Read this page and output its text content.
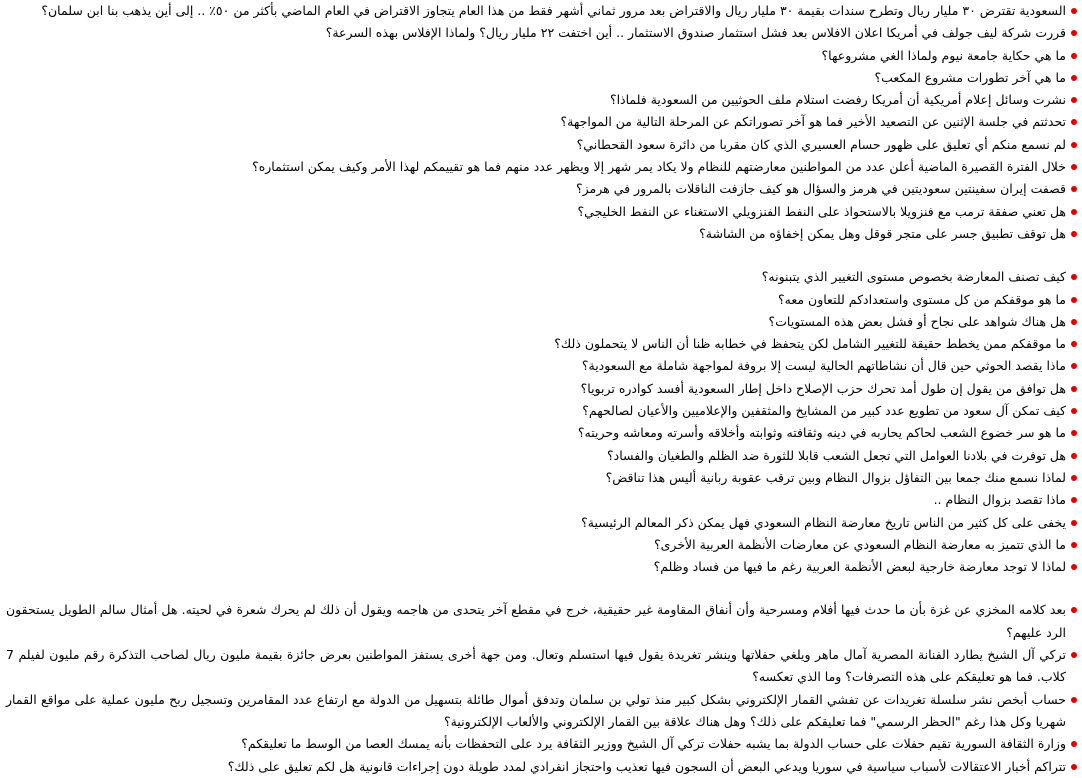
السعودية تقترض ٣٠ مليار ريال وتطرح سندات بقيمة ٣٠ مليار ريال والاقتراض بعد مرور ثماني أشهر فقط من هذا العام يتجاوز الاقتراض في العام الماضي بأكثر من ٥٠٪ .. إلى أين يذهب بنا ابن سلمان؟
قررت شركة ليف جولف في أمريكا اعلان الافلاس بعد فشل استثمار صندوق الاستثمار .. أين اختفت ٢٢ مليار ريال؟ ولماذا الإفلاس بهذه السرعة؟
ما هي حكاية جامعة نيوم ولماذا الغي مشروعها؟
ما هي آخر تطورات مشروع المكعب؟
نشرت وسائل إعلام أمريكية أن أمريكا رفضت استلام ملف الحوثيين من السعودية فلماذا؟
تحدثتم في جلسة الإثنين عن التصعيد الأخير فما هو آخر تصوراتكم عن المرحلة التالية من المواجهة؟
لم نسمع منكم أي تعليق على ظهور حسام العسيري الذي كان مقربا من دائرة سعود القحطاني؟
خلال الفترة القصيرة الماضية أعلن عدد من المواطنين معارضتهم للنظام ولا يكاد يمر شهر إلا ويظهر عدد منهم فما هو تقييمكم لهذا الأمر وكيف يمكن استثماره؟
قصفت إيران سفينتين سعوديتين في هرمز والسؤال هو كيف جازفت الناقلات بالمرور في هرمز؟
هل تعني صفقة ترمب مع فنزويلا بالاستحواذ على النفط الفنزويلي الاستغناء عن النفط الخليجي؟
هل توقف تطبيق جسر على متجر قوقل وهل يمكن إخفاؤه من الشاشة؟
كيف تصنف المعارضة بخصوص مستوى التغيير الذي يتبنونه؟
ما هو موقفكم من كل مستوى واستعدادكم للتعاون معه؟
هل هناك شواهد على نجاح أو فشل بعض هذه المستويات؟
ما موقفكم ممن يخطط حقيقة للتغيير الشامل لكن يتحفظ في خطابه ظنا أن الناس لا يتحملون ذلك؟
ماذا يقصد الحوثي حين قال أن نشاطاتهم الحالية ليست إلا بروفة لمواجهة شاملة مع السعودية؟
هل توافق من يقول إن طول أمد تحرك حزب الإصلاح داخل إطار السعودية أفسد كوادره تربويا؟
كيف تمكن آل سعود من تطويع عدد كبير من المشايخ والمثقفين والإعلاميين والأعيان لصالحهم؟
ما هو سر خضوع الشعب لحاكم يحاربه في دينه وثقافته وثوابته وأخلاقه وأسرته ومعاشه وحريته؟
هل توفرت في بلادنا العوامل التي تجعل الشعب قابلا للثورة ضد الظلم والطغيان والفساد؟
لماذا نسمع منك جمعا بين التفاؤل بزوال النظام وبين ترقب عقوبة ربانية أليس هذا تناقض؟
ماذا تقصد بزوال النظام ..
يخفى على كل كثير من الناس تاريخ معارضة النظام السعودي فهل يمكن ذكر المعالم الرئيسية؟
ما الذي تتميز به معارضة النظام السعودي عن معارضات الأنظمة العربية الأخرى؟
لماذا لا توجد معارضة خارجية لبعض الأنظمة العربية رغم ما فيها من فساد وظلم؟
بعد كلامه المخزي عن غزة بأن ما حدث فيها أفلام ومسرحية وأن أنفاق المقاومة غير حقيقية، خرج في مقطع آخر يتحدى من هاجمه ويقول أن ذلك لم يحرك شعرة في لحيته. هل أمثال سالم الطويل يستحقون الرد عليهم؟
تركي آل الشيخ يطارد الفنانة المصرية آمال ماهر ويلغي حفلاتها وينشر تغريدة يقول فيها استسلم وتعال. ومن جهة أخرى يستفز المواطنين بعرض جائزة بقيمة مليون ريال لصاحب التذكرة رقم مليون لفيلم 7 كلاب. فما هو تعليقكم على هذه التصرفات؟ وما الذي تعكسه؟
حساب أبخص نشر سلسلة تغريدات عن تفشي القمار الإلكتروني بشكل كبير منذ تولي بن سلمان وتدفق أموال طائلة بتسهيل من الدولة مع ارتفاع عدد المقامرين وتسجيل ربح مليون عملية على مواقع القمار شهريا وكل هذا رغم "الحظر الرسمي" فما تعليقكم على ذلك؟ وهل هناك علاقة بين القمار الإلكتروني والألعاب الإلكترونية؟
وزارة الثقافة السورية تقيم حفلات على حساب الدولة بما يشبه حفلات تركي آل الشيخ ووزير الثقافة يرد على التحفظات بأنه يمسك العصا من الوسط ما تعليقكم؟
تتراكم أخبار الاعتقالات لأسباب سياسية في سوريا ويدعي البعض أن السجون فيها تعذيب واحتجاز انفرادي لمدد طويلة دون إجراءات قانونية هل لكم تعليق على ذلك؟
